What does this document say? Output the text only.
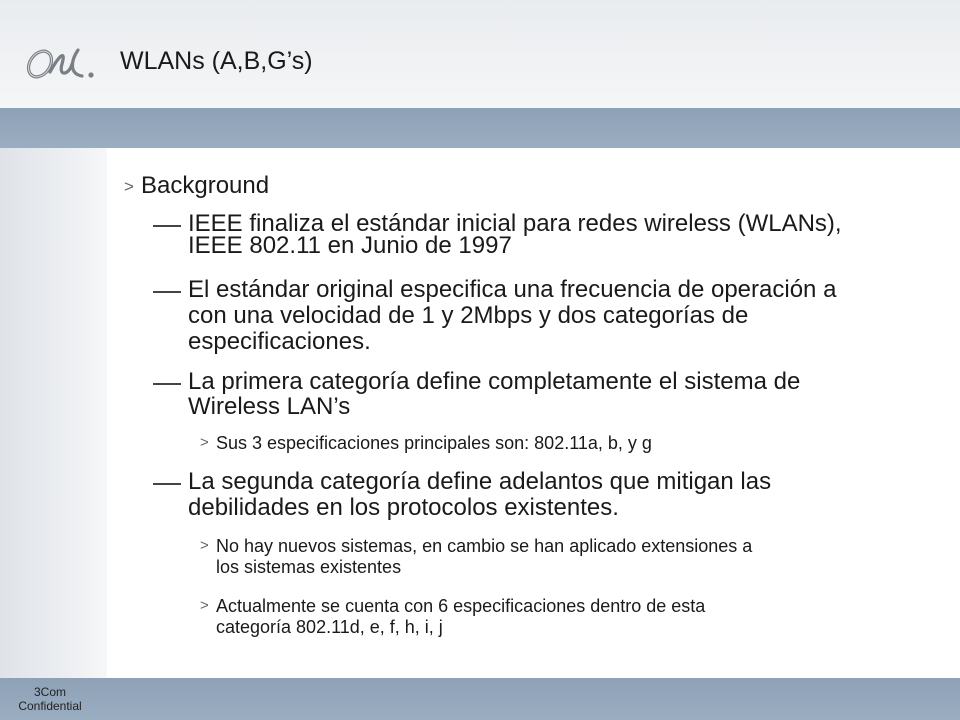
WLANs (A,B,G’s)
> Background
IEEE finaliza el estándar inicial para redes wireless (WLANs),
IEEE 802.11 en Junio de 1997
El estándar original especifica una frecuencia de operación a
con una velocidad de 1 y 2Mbps y dos categorías de
especificaciones.
La primera categoría define completamente el sistema de
Wireless LAN’s
> Sus 3 especificaciones principales son: 802.11a, b, y g
La segunda categoría define adelantos que mitigan las
debilidades en los protocolos existentes.
> No hay nuevos sistemas, en cambio se han aplicado extensiones a
los sistemas existentes
> Actualmente se cuenta con 6 especificaciones dentro de esta
categoría 802.11d, e, f, h, i, j
3Com
Confidential
